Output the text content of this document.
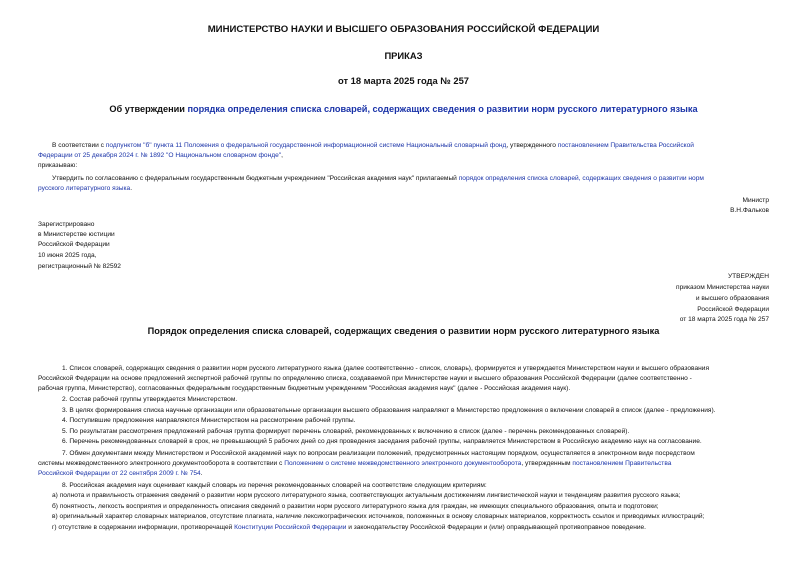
МИНИСТЕРСТВО НАУКИ И ВЫСШЕГО ОБРАЗОВАНИЯ РОССИЙСКОЙ ФЕДЕРАЦИИ
ПРИКАЗ
от 18 марта 2025 года № 257
Об утверждении порядка определения списка словарей, содержащих сведения о развитии норм русского литературного языка
В соответствии с подпунктом "б" пункта 11 Положения о федеральной государственной информационной системе Национальный словарный фонд, утвержденного постановлением Правительства Российской
Федерации от 25 декабря 2024 г. № 1892 "О Национальном словарном фонде",
приказываю:
Утвердить по согласованию с федеральным государственным бюджетным учреждением "Российская академия наук" прилагаемый порядок определения списка словарей, содержащих сведения о развитии норм
русского литературного языка.
Министр
В.Н.Фальков
Зарегистрировано
в Министерстве юстиции
Российской Федерации
10 июня 2025 года,
регистрационный № 82592
УТВЕРЖДЕН
приказом Министерства науки
и высшего образования
Российской Федерации
от 18 марта 2025 года № 257
Порядок определения списка словарей, содержащих сведения о развитии норм русского литературного языка
1. Список словарей, содержащих сведения о развитии норм русского литературного языка (далее соответственно - список, словарь), формируется и утверждается Министерством науки и высшего образования
Российской Федерации на основе предложений экспертной рабочей группы по определению списка, создаваемой при Министерстве науки и высшего образования Российской Федерации (далее соответственно -
рабочая группа, Министерство), согласованных федеральным государственным бюджетным учреждением "Российская академия наук" (далее - Российская академия наук).
2. Состав рабочей группы утверждается Министерством.
3. В целях формирования списка научные организации или образовательные организации высшего образования направляют в Министерство предложения о включении словарей в список (далее - предложения).
4. Поступившие предложения направляются Министерством на рассмотрение рабочей группы.
5. По результатам рассмотрения предложений рабочая группа формирует перечень словарей, рекомендованных к включению в список (далее - перечень рекомендованных словарей).
6. Перечень рекомендованных словарей в срок, не превышающий 5 рабочих дней со дня проведения заседания рабочей группы, направляется Министерством в Российскую академию наук на согласование.
7. Обмен документами между Министерством и Российской академией наук по вопросам реализации положений, предусмотренных настоящим порядком, осуществляется в электронном виде посредством
системы межведомственного электронного документооборота в соответствии с Положением о системе межведомственного электронного документооборота, утвержденным постановлением Правительства
Российской Федерации от 22 сентября 2009 г. № 754.
8. Российская академия наук оценивает каждый словарь из перечня рекомендованных словарей на соответствие следующим критериям:
а) полнота и правильность отражения сведений о развитии норм русского литературного языка, соответствующих актуальным достижениям лингвистической науки и тенденциям развития русского языка;
б) понятность, легкость восприятия и определенность описания сведений о развитии норм русского литературного языка для граждан, не имеющих специального образования, опыта и подготовки;
в) оригинальный характер словарных материалов, отсутствие плагиата, наличие лексикографических источников, положенных в основу словарных материалов, корректность ссылок и приводимых иллюстраций;
г) отсутствие в содержании информации, противоречащей Конституции Российской Федерации и законодательству Российской Федерации и (или) оправдывающей противоправное поведение.
